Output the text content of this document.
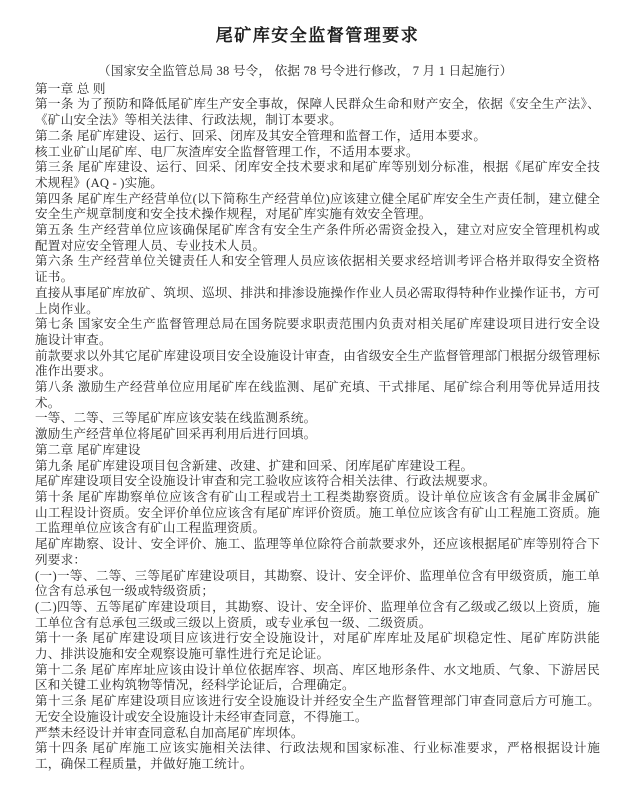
尾矿库安全监督管理要求

（国家安全监管总局 38 号令， 依据 78 号令进行修改， 7 月 1 日起施行）

第一章 总 则

第一条 为了预防和降低尾矿库生产安全事故，保障人民群众生命和财产安全，依据《安全生产法》、《矿山安全法》等相关法律、行政法规，制订本要求。

第二条 尾矿库建设、运行、回采、闭库及其安全管理和监督工作，适用本要求。

核工业矿山尾矿库、电厂灰渣库安全监督管理工作，不适用本要求。

第三条 尾矿库建设、运行、回采、闭库安全技术要求和尾矿库等别划分标准，根据《尾矿库安全技术规程》(AQ - )实施。

第四条 尾矿库生产经营单位(以下简称生产经营单位)应该建立健全尾矿库安全生产责任制，建立健全安全生产规章制度和安全技术操作规程，对尾矿库实施有效安全管理。

第五条 生产经营单位应该确保尾矿库含有安全生产条件所必需资金投入，建立对应安全管理机构或配置对应安全管理人员、专业技术人员。

第六条 生产经营单位关键责任人和安全管理人员应该依据相关要求经培训考评合格并取得安全资格证书。

直接从事尾矿库放矿、筑坝、巡坝、排洪和排渗设施操作作业人员必需取得特种作业操作证书，方可上岗作业。

第七条 国家安全生产监督管理总局在国务院要求职责范围内负责对相关尾矿库建设项目进行安全设施设计审查。

前款要求以外其它尾矿库建设项目安全设施设计审查，由省级安全生产监督管理部门根据分级管理标准作出要求。

第八条 激励生产经营单位应用尾矿库在线监测、尾矿充填、干式排尾、尾矿综合利用等优异适用技术。

一等、二等、三等尾矿库应该安装在线监测系统。

激励生产经营单位将尾矿回采再利用后进行回填。

第二章 尾矿库建设

第九条 尾矿库建设项目包含新建、改建、扩建和回采、闭库尾矿库建设工程。

尾矿库建设项目安全设施设计审查和完工验收应该符合相关法律、行政法规要求。

第十条 尾矿库勘察单位应该含有矿山工程或岩土工程类勘察资质。设计单位应该含有金属非金属矿山工程设计资质。安全评价单位应该含有尾矿库评价资质。施工单位应该含有矿山工程施工资质。施工监理单位应该含有矿山工程监理资质。

尾矿库勘察、设计、安全评价、施工、监理等单位除符合前款要求外，还应该根据尾矿库等别符合下列要求：

(一)一等、二等、三等尾矿库建设项目，其勘察、设计、安全评价、监理单位含有甲级资质，施工单位含有总承包一级或特级资质；

(二)四等、五等尾矿库建设项目，其勘察、设计、安全评价、监理单位含有乙级或乙级以上资质，施工单位含有总承包三级或三级以上资质，或专业承包一级、二级资质。

第十一条 尾矿库建设项目应该进行安全设施设计，对尾矿库库址及尾矿坝稳定性、尾矿库防洪能力、排洪设施和安全观察设施可靠性进行充足论证。

第十二条 尾矿库库址应该由设计单位依据库容、坝高、库区地形条件、水文地质、气象、下游居民区和关键工业构筑物等情况，经科学论证后，合理确定。

第十三条 尾矿库建设项目应该进行安全设施设计并经安全生产监督管理部门审查同意后方可施工。无安全设施设计或安全设施设计未经审查同意，不得施工。

严禁未经设计并审查同意私自加高尾矿库坝体。

第十四条 尾矿库施工应该实施相关法律、行政法规和国家标准、行业标准要求，严格根据设计施工，确保工程质量，并做好施工统计。
